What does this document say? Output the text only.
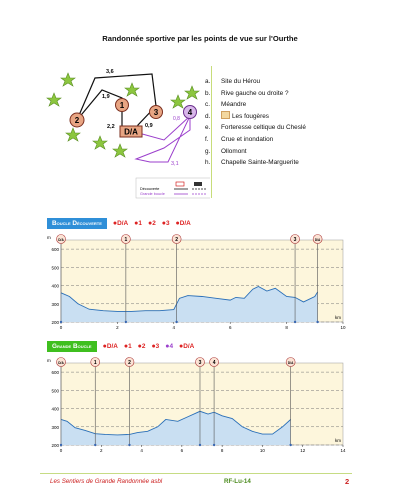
Randonnée sportive par les points de vue sur l'Ourthe
3,6
1,9
2,2	0,9
0,8
3,1
2
1
3	4
D/A
Découverte
Grande boucle
a.	Site du Hérou
b.	Rive gauche ou droite ?
c.	Méandre
d.	Les fougères
e.	Forteresse celtique du Cheslé
f.	Crue et inondation
g.	Ollomont
h.	Chapelle Sainte-Marguerite
Boucle Découverte	● D/A ● 1 ● 2 ● 3 ● D/A
600
500
400
300
200
m
0	2	4	6	8	10
km
D/A	1	2	3	D/A
Grande Boucle	● D/A ● 1 ● 2 ● 3 ● 4 ● D/A
600
500
400
300
200
m
0	2	4	6	8	10	12	14
km
D/A	1	2	3 4	D/A
Les Sentiers de Grande Randonnée asbl	RF-Lu-14	2
